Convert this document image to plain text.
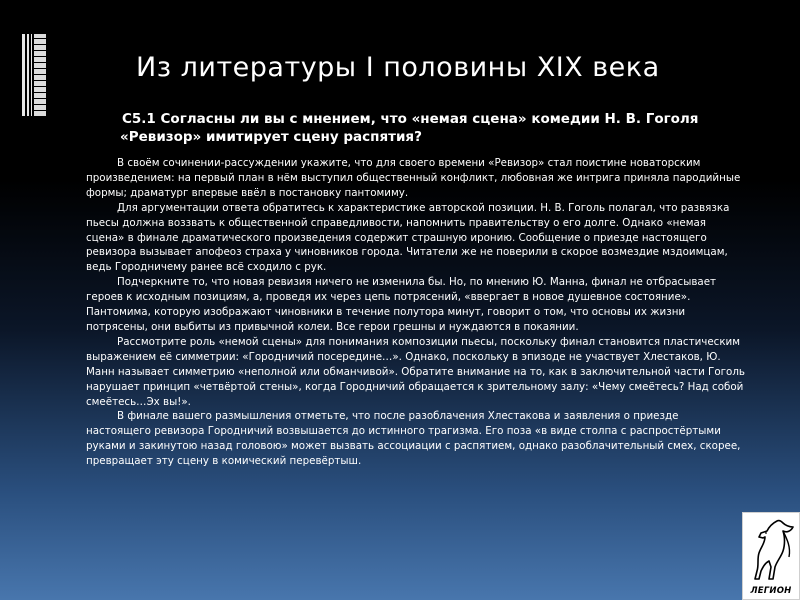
Из литературы I половины XIX века
С5.1 Согласны ли вы с мнением, что «немая сцена» комедии Н. В. Гоголя
«Ревизор» имитирует сцену распятия?

В своём сочинении-рассуждении укажите, что для своего времени «Ревизор» стал поистине новаторским произведением: на первый план в нём выступил общественный конфликт, любовная же интрига приняла пародийные формы; драматург впервые ввёл в постановку пантомиму.

Для аргументации ответа обратитесь к характеристике авторской позиции. Н. В. Гоголь полагал, что развязка пьесы должна воззвать к общественной справедливости, напомнить правительству о его долге. Однако «немая сцена» в финале драматического произведения содержит страшную иронию. Сообщение о приезде настоящего ревизора вызывает апофеоз страха у чиновников города. Читатели же не поверили в скорое возмездие мздоимцам, ведь Городничему ранее всё сходило с рук.

Подчеркните то, что новая ревизия ничего не изменила бы. Но, по мнению Ю. Манна, финал не отбрасывает героев к исходным позициям, а, проведя их через цепь потрясений, «ввергает в новое душевное состояние». Пантомима, которую изображают чиновники в течение полутора минут, говорит о том, что основы их жизни потрясены, они выбиты из привычной колеи. Все герои грешны и нуждаются в покаянии.

Рассмотрите роль «немой сцены» для понимания композиции пьесы, поскольку финал становится пластическим выражением её симметрии: «Городничий посередине…». Однако, поскольку в эпизоде не участвует Хлестаков, Ю. Манн называет симметрию «неполной или обманчивой». Обратите внимание на то, как в заключительной части Гоголь нарушает принцип «четвёртой стены», когда Городничий обращается к зрительному залу: «Чему смеётесь? Над собой смеётесь…Эх вы!».

В финале вашего размышления отметьте, что после разоблачения Хлестакова и заявления о приезде настоящего ревизора Городничий возвышается до истинного трагизма. Его поза «в виде столпа с распростёртыми руками и закинутою назад головою» может вызвать ассоциации с распятием, однако разоблачительный смех, скорее, превращает эту сцену в комический перевёртыш.

ЛЕГИОН
